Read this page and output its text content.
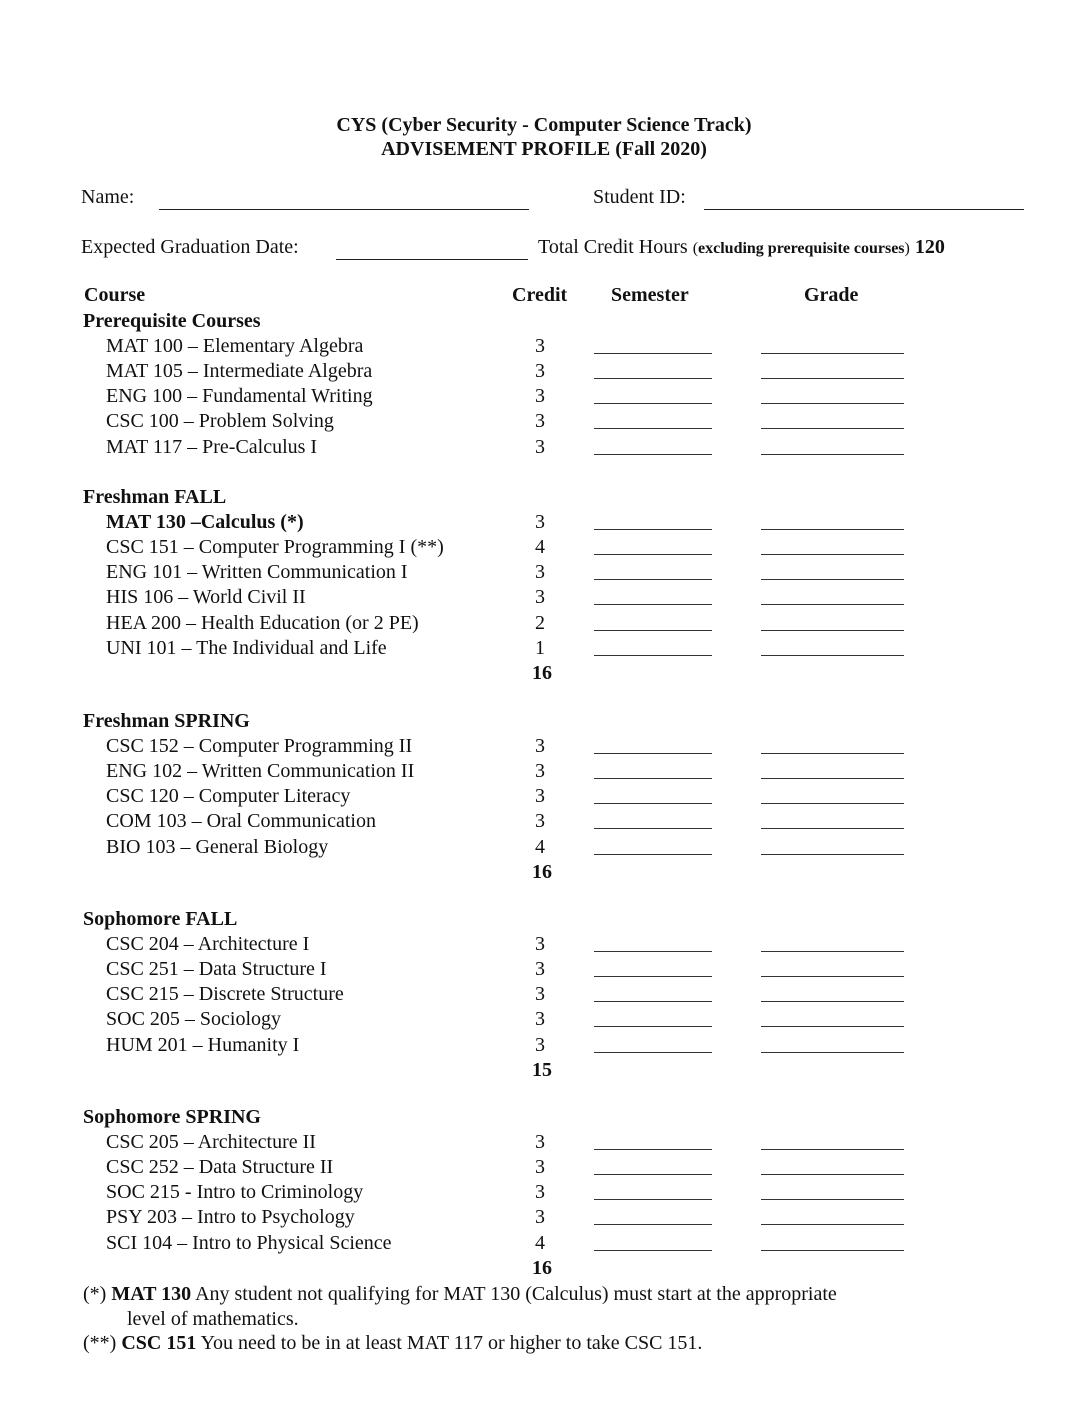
CYS (Cyber Security - Computer Science Track)
ADVISEMENT PROFILE (Fall 2020)
Name:	Student ID:
Expected Graduation Date:	Total Credit Hours (excluding prerequisite courses) 120
Course	Credit Semester	Grade
Prerequisite Courses
MAT 100 – Elementary Algebra	3
MAT 105 – Intermediate Algebra	3
ENG 100 – Fundamental Writing	3
CSC 100 – Problem Solving	3
MAT 117 – Pre-Calculus I	3
Freshman FALL
MAT 130 –Calculus (*)	3
CSC 151 – Computer Programming I (**)	4
ENG 101 – Written Communication I	3
HIS 106 – World Civil II	3
HEA 200 – Health Education (or 2 PE)	2
UNI 101 – The Individual and Life	1
16
Freshman SPRING
CSC 152 – Computer Programming II	3
ENG 102 – Written Communication II	3
CSC 120 – Computer Literacy	3
COM 103 – Oral Communication	3
BIO 103 – General Biology	4
16
Sophomore FALL
CSC 204 – Architecture I	3
CSC 251 – Data Structure I	3
CSC 215 – Discrete Structure	3
SOC 205 – Sociology	3
HUM 201 – Humanity I	3
15
Sophomore SPRING
CSC 205 – Architecture II	3
CSC 252 – Data Structure II	3
SOC 215 - Intro to Criminology	3
PSY 203 – Intro to Psychology	3
SCI 104 – Intro to Physical Science	4
16
(*) MAT 130 Any student not qualifying for MAT 130 (Calculus) must start at the appropriate
level of mathematics.
(**) CSC 151 You need to be in at least MAT 117 or higher to take CSC 151.
